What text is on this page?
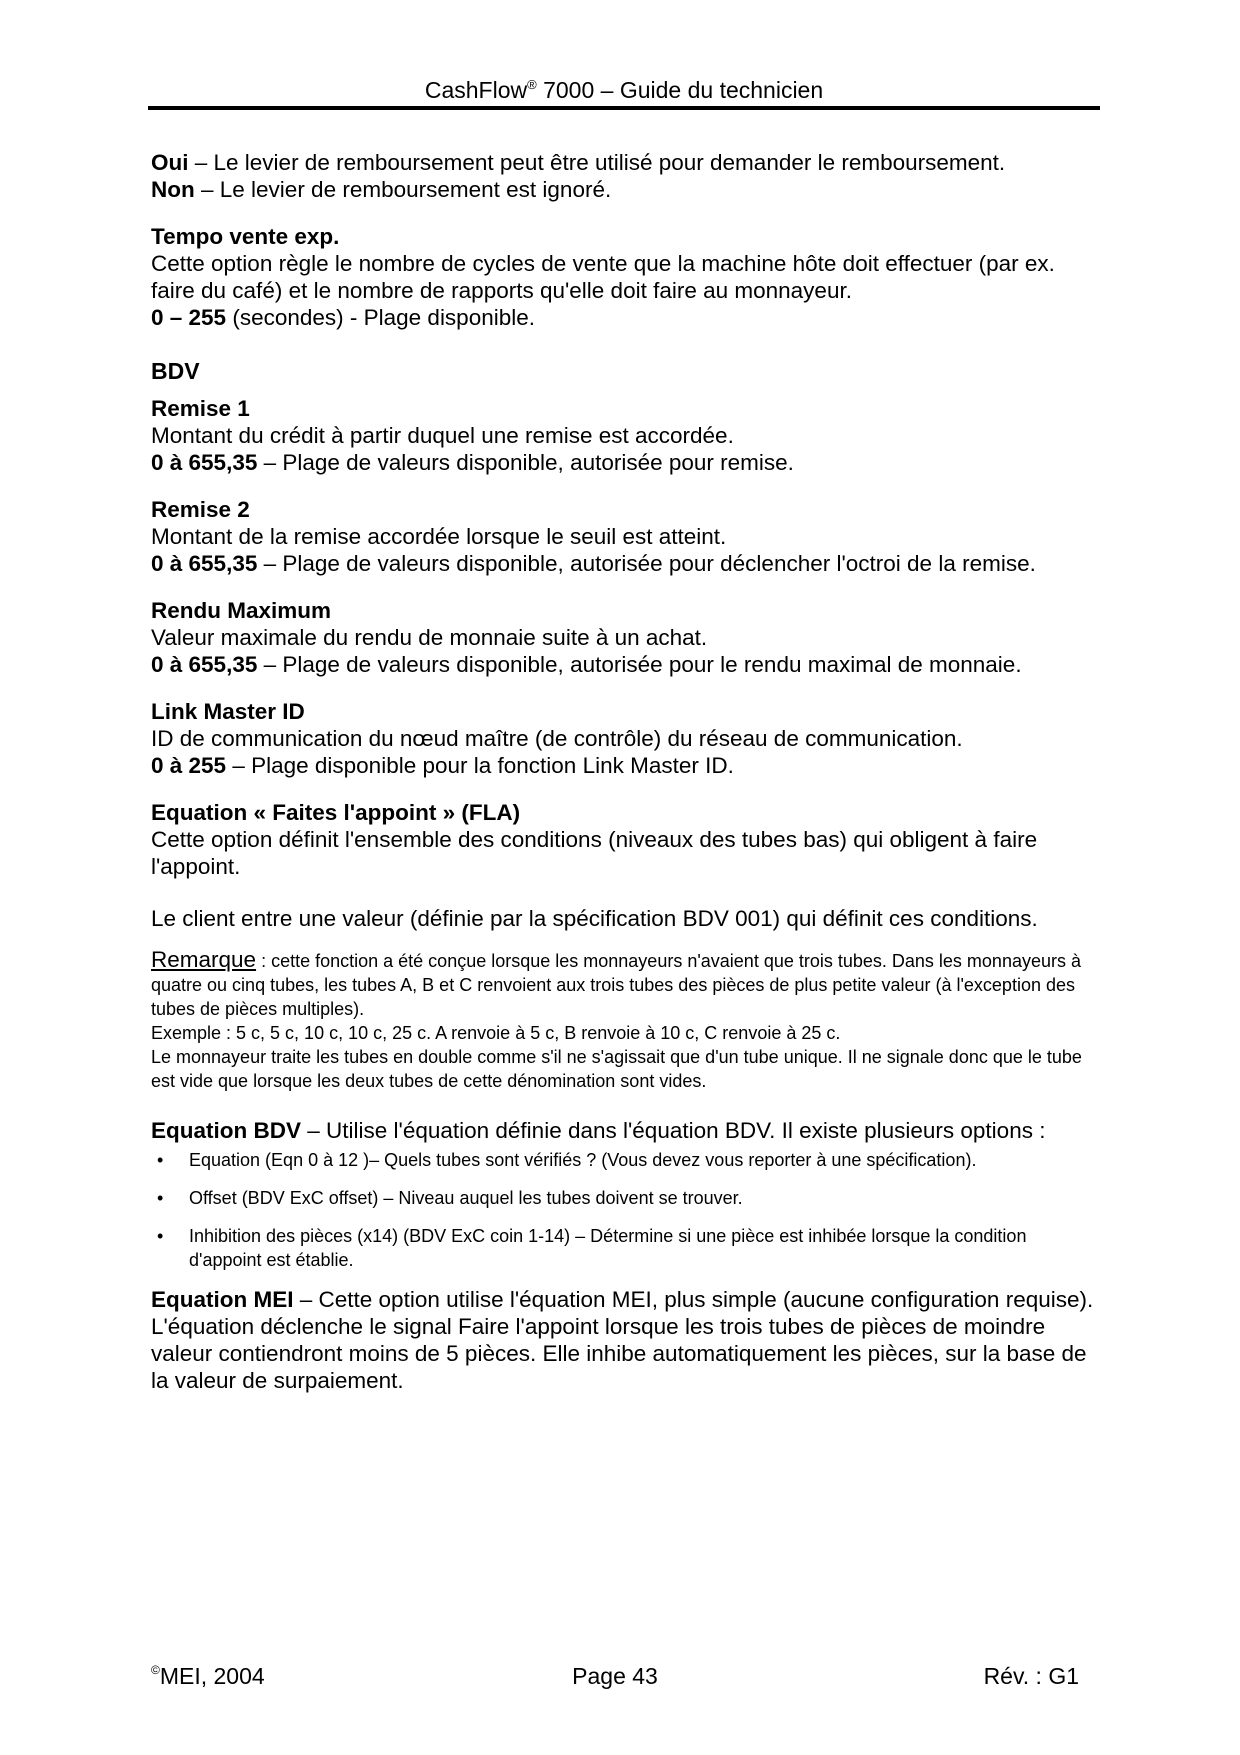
CashFlow® 7000 – Guide du technicien

Oui – Le levier de remboursement peut être utilisé pour demander le remboursement.

Non – Le levier de remboursement est ignoré.

Tempo vente exp.

Cette option règle le nombre de cycles de vente que la machine hôte doit effectuer (par ex. faire du café) et le nombre de rapports qu'elle doit faire au monnayeur.

0 – 255 (secondes) - Plage disponible.

BDV

Remise 1

Montant du crédit à partir duquel une remise est accordée.

0 à 655,35 – Plage de valeurs disponible, autorisée pour remise.

Remise 2

Montant de la remise accordée lorsque le seuil est atteint.

0 à 655,35 – Plage de valeurs disponible, autorisée pour déclencher l'octroi de la remise.

Rendu Maximum

Valeur maximale du rendu de monnaie suite à un achat.

0 à 655,35 – Plage de valeurs disponible, autorisée pour le rendu maximal de monnaie.

Link Master ID

ID de communication du nœud maître (de contrôle) du réseau de communication.

0 à 255 – Plage disponible pour la fonction Link Master ID.

Equation « Faites l'appoint » (FLA)

Cette option définit l'ensemble des conditions (niveaux des tubes bas) qui obligent à faire l'appoint.

Le client entre une valeur (définie par la spécification BDV 001) qui définit ces conditions.

Remarque : cette fonction a été conçue lorsque les monnayeurs n'avaient que trois tubes. Dans les monnayeurs à quatre ou cinq tubes, les tubes A, B et C renvoient aux trois tubes des pièces de plus petite valeur (à l'exception des tubes de pièces multiples).

Exemple : 5 c, 5 c, 10 c, 10 c, 25 c. A renvoie à 5 c, B renvoie à 10 c, C renvoie à 25 c.

Le monnayeur traite les tubes en double comme s'il ne s'agissait que d'un tube unique. Il ne signale donc que le tube est vide que lorsque les deux tubes de cette dénomination sont vides.

Equation BDV – Utilise l'équation définie dans l'équation BDV. Il existe plusieurs options :

• Equation (Eqn 0 à 12 )– Quels tubes sont vérifiés ? (Vous devez vous reporter à une spécification).
• Offset (BDV ExC offset) – Niveau auquel les tubes doivent se trouver.
• Inhibition des pièces (x14) (BDV ExC coin 1-14) – Détermine si une pièce est inhibée lorsque la condition d'appoint est établie.

Equation MEI – Cette option utilise l'équation MEI, plus simple (aucune configuration requise). L'équation déclenche le signal Faire l'appoint lorsque les trois tubes de pièces de moindre valeur contiendront moins de 5 pièces. Elle inhibe automatiquement les pièces, sur la base de la valeur de surpaiement.

©MEI, 2004	Page 43	Rév. : G1
